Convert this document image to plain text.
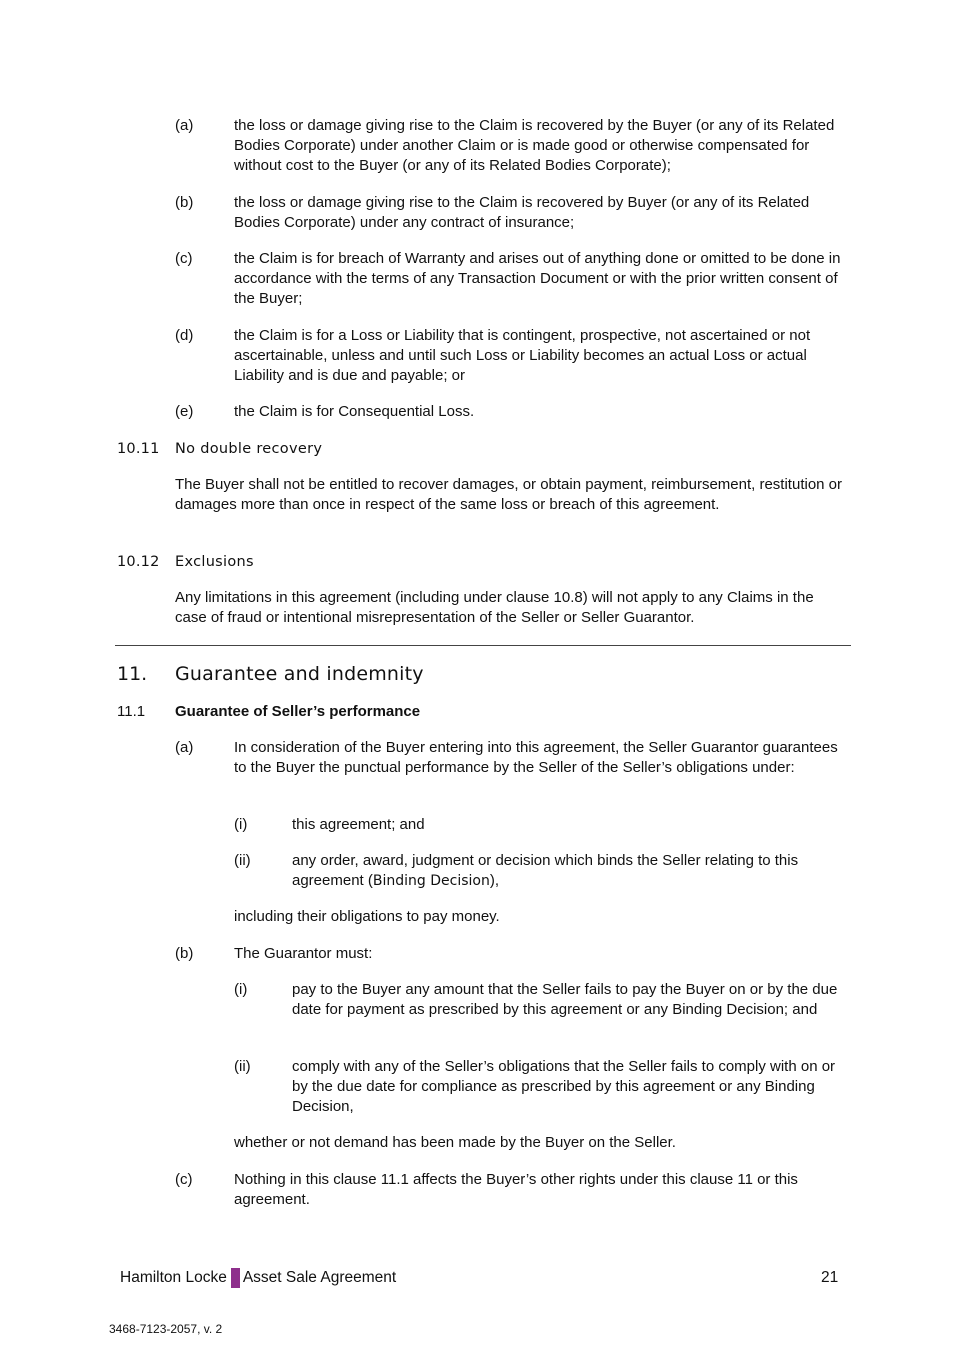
(a)	the loss or damage giving rise to the Claim is recovered by the Buyer (or any of its Related Bodies Corporate) under another Claim or is made good or otherwise compensated for without cost to the Buyer (or any of its Related Bodies Corporate);
(b)	the loss or damage giving rise to the Claim is recovered by Buyer (or any of its Related Bodies Corporate) under any contract of insurance;
(c)	the Claim is for breach of Warranty and arises out of anything done or omitted to be done in accordance with the terms of any Transaction Document or with the prior written consent of the Buyer;
(d)	the Claim is for a Loss or Liability that is contingent, prospective, not ascertained or not ascertainable, unless and until such Loss or Liability becomes an actual Loss or actual Liability and is due and payable; or
(e)	the Claim is for Consequential Loss.
10.11 No double recovery
The Buyer shall not be entitled to recover damages, or obtain payment, reimbursement, restitution or damages more than once in respect of the same loss or breach of this agreement.
10.12 Exclusions
Any limitations in this agreement (including under clause 10.8) will not apply to any Claims in the case of fraud or intentional misrepresentation of the Seller or Seller Guarantor.
11. Guarantee and indemnity
11.1 Guarantee of Seller’s performance
(a)	In consideration of the Buyer entering into this agreement, the Seller Guarantor guarantees to the Buyer the punctual performance by the Seller of the Seller’s obligations under:
(i)	this agreement; and
(ii)	any order, award, judgment or decision which binds the Seller relating to this agreement (Binding Decision),
including their obligations to pay money.
(b)	The Guarantor must:
(i)	pay to the Buyer any amount that the Seller fails to pay the Buyer on or by the due date for payment as prescribed by this agreement or any Binding Decision; and
(ii)	comply with any of the Seller’s obligations that the Seller fails to comply with on or by the due date for compliance as prescribed by this agreement or any Binding Decision,
whether or not demand has been made by the Buyer on the Seller.
(c)	Nothing in this clause 11.1 affects the Buyer’s other rights under this clause 11 or this agreement.
Hamilton Locke Asset Sale Agreement	21
3468-7123-2057, v. 2
